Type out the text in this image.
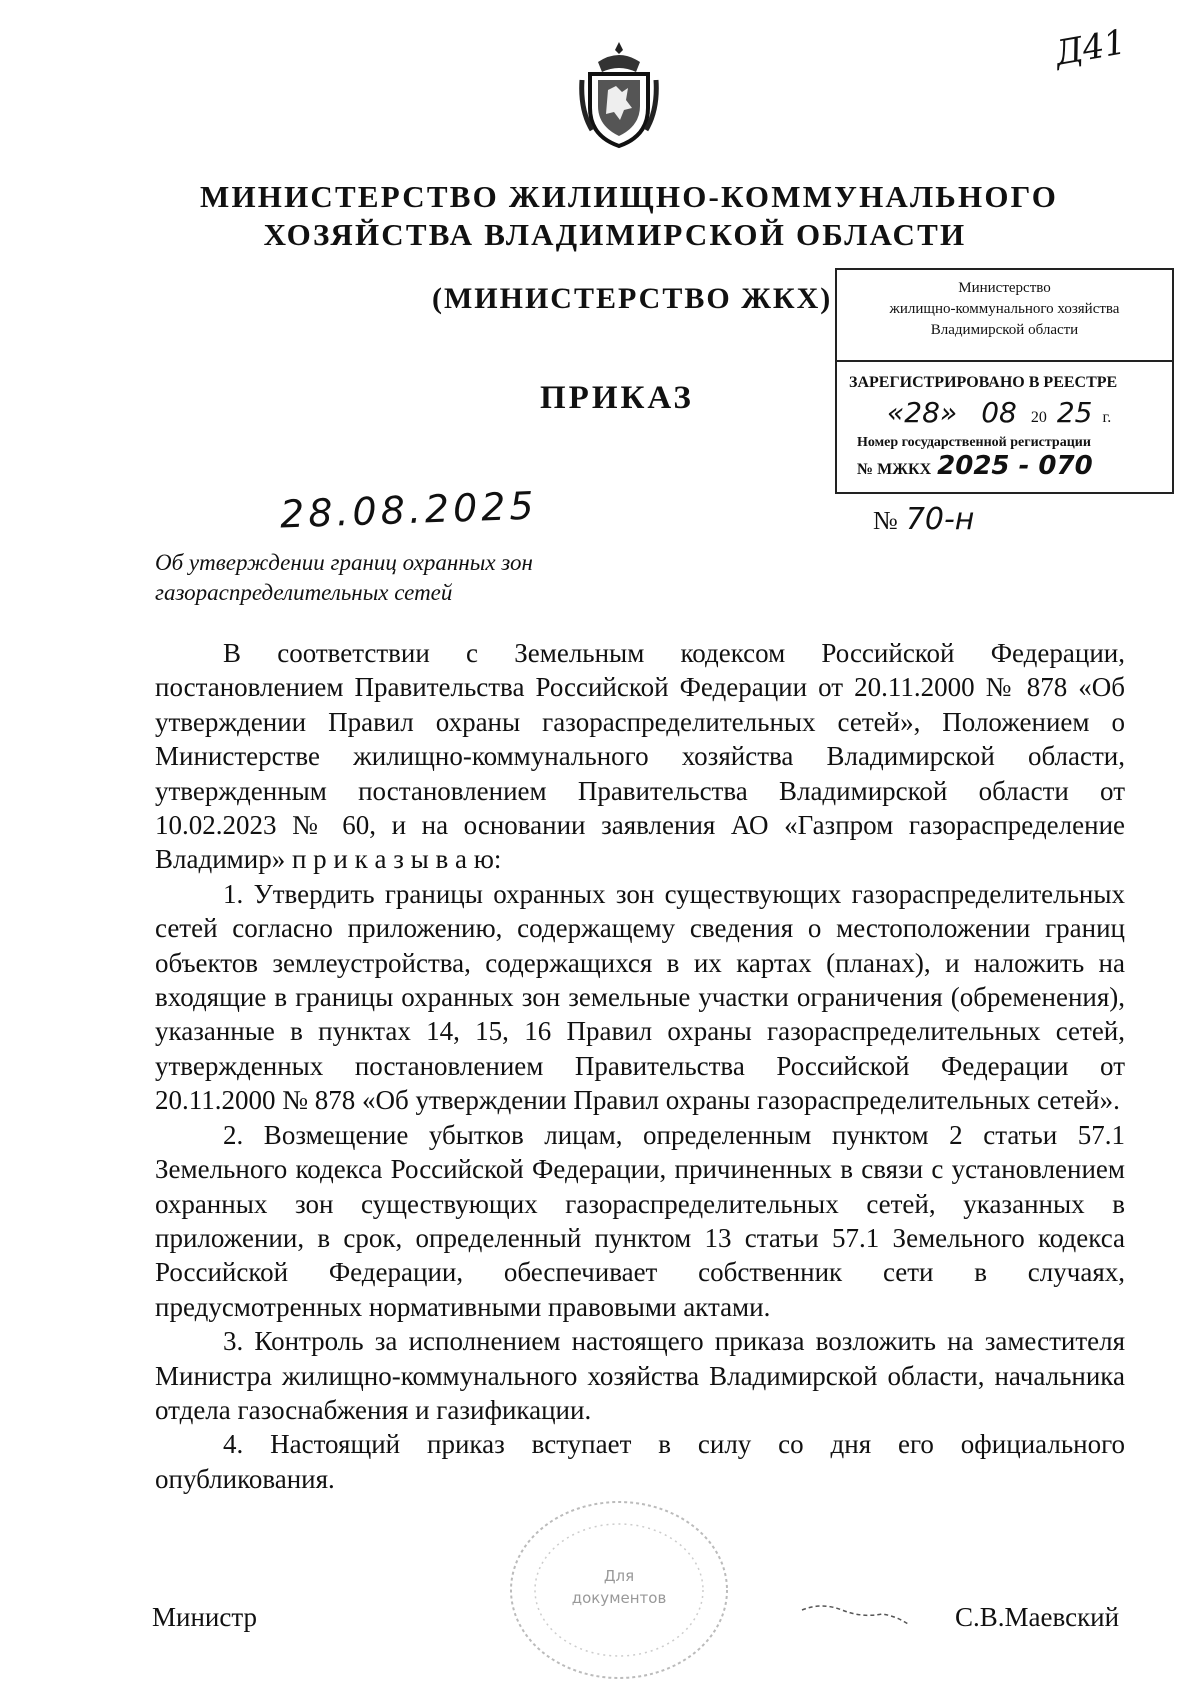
Д41
МИНИСТЕРСТВО ЖИЛИЩНО-КОММУНАЛЬНОГО
ХОЗЯЙСТВА ВЛАДИМИРСКОЙ ОБЛАСТИ
(МИНИСТЕРСТВО ЖКХ)
ПРИКАЗ
Министерство
жилищно-коммунального хозяйства
Владимирской области
ЗАРЕГИСТРИРОВАНО В РЕЕСТРЕ
«28» 08 20 25 г.
Номер государственной регистрации
№ МЖКХ 2025 - 070
28.08.2025	№ 70-н
Об утверждении границ охранных зон
газораспределительных сетей

В соответствии с Земельным кодексом Российской Федерации, постановлением Правительства Российской Федерации от 20.11.2000 № 878 «Об утверждении Правил охраны газораспределительных сетей», Положением о Министерстве жилищно-коммунального хозяйства Владимирской области, утвержденным постановлением Правительства Владимирской области от 10.02.2023 № 60, и на основании заявления АО «Газпром газораспределение Владимир» п р и к а з ы в а ю:

1. Утвердить границы охранных зон существующих газораспределительных сетей согласно приложению, содержащему сведения о местоположении границ объектов землеустройства, содержащихся в их картах (планах), и наложить на входящие в границы охранных зон земельные участки ограничения (обременения), указанные в пунктах 14, 15, 16 Правил охраны газораспределительных сетей, утвержденных постановлением Правительства Российской Федерации от 20.11.2000 № 878 «Об утверждении Правил охраны газораспределительных сетей».

2. Возмещение убытков лицам, определенным пунктом 2 статьи 57.1 Земельного кодекса Российской Федерации, причиненных в связи с установлением охранных зон существующих газораспределительных сетей, указанных в приложении, в срок, определенный пунктом 13 статьи 57.1 Земельного кодекса Российской Федерации, обеспечивает собственник сети в случаях, предусмотренных нормативными правовыми актами.

3. Контроль за исполнением настоящего приказа возложить на заместителя Министра жилищно-коммунального хозяйства Владимирской области, начальника отдела газоснабжения и газификации.

4. Настоящий приказ вступает в силу со дня его официального опубликования.

Для
документов
Министр	С.В.Маевский
